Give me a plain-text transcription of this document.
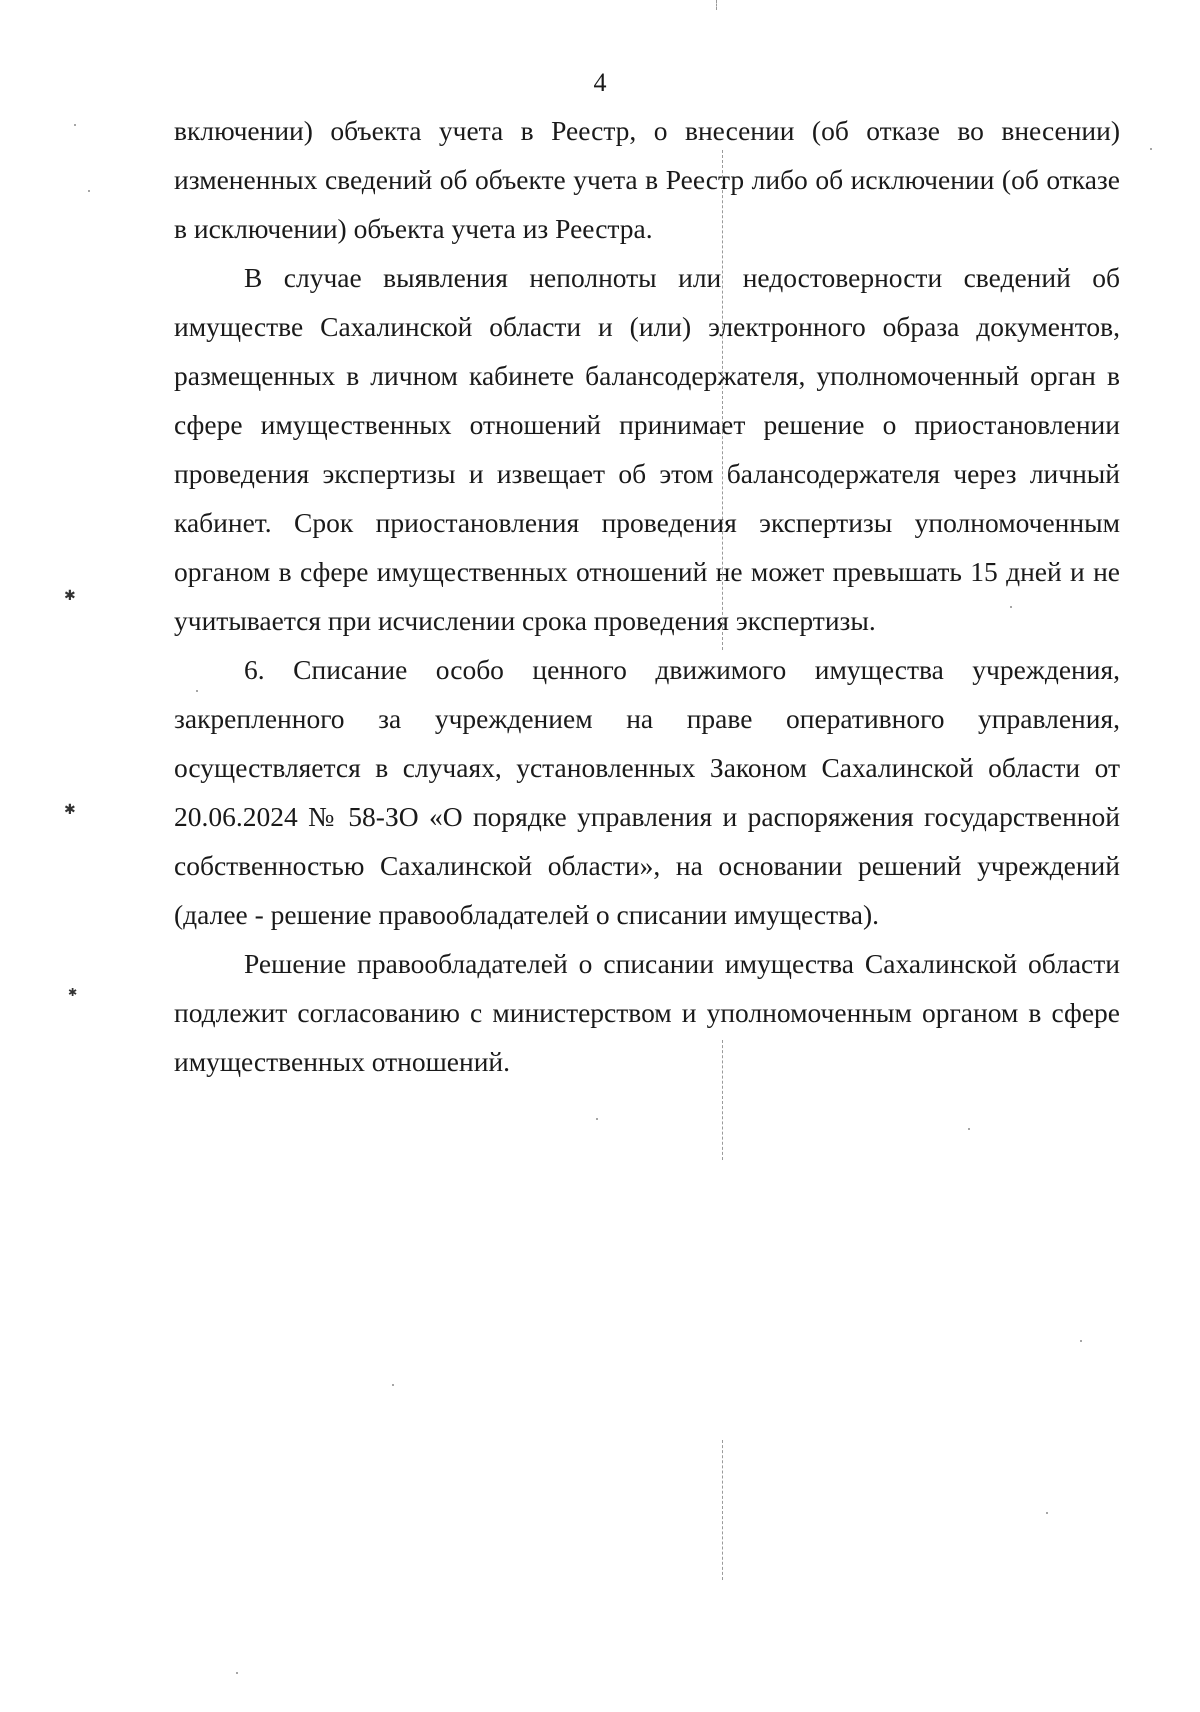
4

включении) объекта учета в Реестр, о внесении (об отказе во внесении) измененных сведений об объекте учета в Реестр либо об исключении (об отказе в исключении) объекта учета из Реестра.

В случае выявления неполноты или недостоверности сведений об имуществе Сахалинской области и (или) электронного образа документов, размещенных в личном кабинете балансодержателя, уполномоченный орган в сфере имущественных отношений принимает решение о приостановлении проведения экспертизы и извещает об этом балансодержателя через личный кабинет. Срок приостановления проведения экспертизы уполномоченным органом в сфере имущественных отношений не может превышать 15 дней и не учитывается при исчислении срока проведения экспертизы.

6. Списание особо ценного движимого имущества учреждения, закрепленного за учреждением на праве оперативного управления, осуществляется в случаях, установленных Законом Сахалинской области от 20.06.2024 № 58-ЗО «О порядке управления и распоряжения государственной собственностью Сахалинской области», на основании решений учреждений (далее - решение правообладателей о списании имущества).

Решение правообладателей о списании имущества Сахалинской области подлежит согласованию с министерством и уполномоченным органом в сфере имущественных отношений.

✱
✱
✱
